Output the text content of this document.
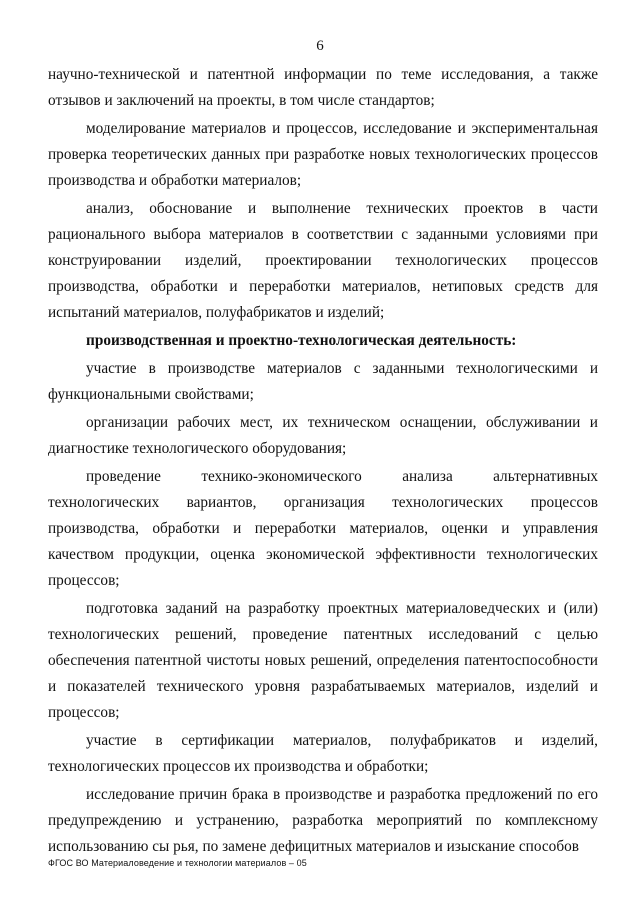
6

научно-технической и патентной информации по теме исследования, а также отзывов и заключений на проекты, в том числе стандартов;

моделирование материалов и процессов, исследование и экспериментальная проверка теоретических данных при разработке новых технологических процессов производства и обработки материалов;

анализ, обоснование и выполнение технических проектов в части рационального выбора материалов в соответствии с заданными условиями при конструировании изделий, проектировании технологических процессов производства, обработки и переработки материалов, нетиповых средств для испытаний материалов, полуфабрикатов и изделий;

производственная и проектно-технологическая деятельность:

участие в производстве материалов с заданными технологическими и функциональными свойствами;

организации рабочих мест, их техническом оснащении, обслуживании и диагностике технологического оборудования;

проведение технико-экономического анализа альтернативных технологических вариантов, организация технологических процессов производства, обработки и переработки материалов, оценки и управления качеством продукции, оценка экономической эффективности технологических процессов;

подготовка заданий на разработку проектных материаловедческих и (или) технологических решений, проведение патентных исследований с целью обеспечения патентной чистоты новых решений, определения патентоспособности и показателей технического уровня разрабатываемых материалов, изделий и процессов;

участие в сертификации материалов, полуфабрикатов и изделий, технологических процессов их производства и обработки;

исследование причин брака в производстве и разработка предложений по его предупреждению и устранению, разработка мероприятий по комплексному использованию сы рья, по замене дефицитных материалов и изыскание способов

ФГОС ВО Материаловедение и технологии материалов – 05
